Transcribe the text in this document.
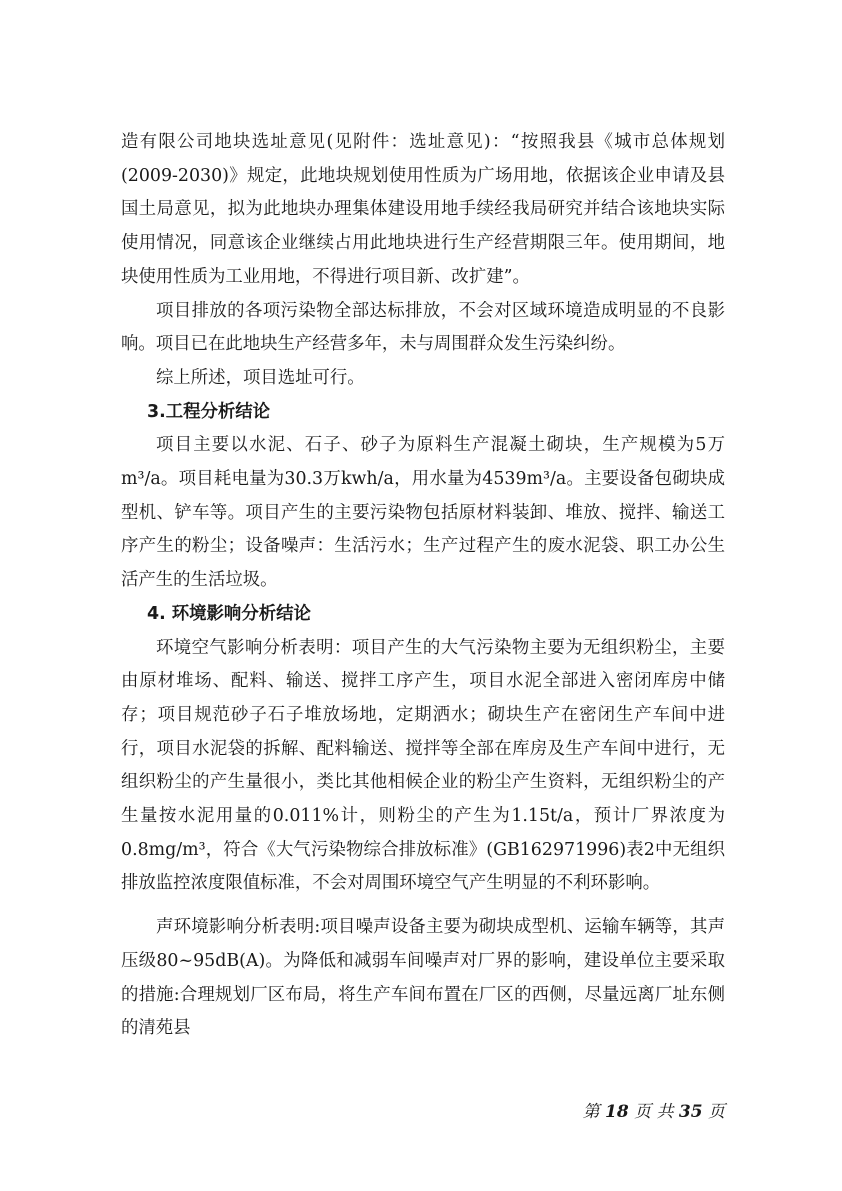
造有限公司地块选址意见(见附件：选址意见)：“按照我县《城市总体规划(2009-2030)》规定，此地块规划使用性质为广场用地，依据该企业申请及县国土局意见，拟为此地块办理集体建设用地手续经我局研究并结合该地块实际使用情况，同意该企业继续占用此地块进行生产经营期限三年。使用期间，地块使用性质为工业用地，不得进行项目新、改扩建”。

项目排放的各项污染物全部达标排放，不会对区域环境造成明显的不良影响。项目已在此地块生产经营多年，未与周围群众发生污染纠纷。

综上所述，项目选址可行。

3.工程分析结论

项目主要以水泥、石子、砂子为原料生产混凝土砌块，生产规模为5万m³/a。项目耗电量为30.3万kwh/a，用水量为4539m³/a。主要设备包砌块成型机、铲车等。项目产生的主要污染物包括原材料装卸、堆放、搅拌、输送工序产生的粉尘；设备噪声：生活污水；生产过程产生的废水泥袋、职工办公生活产生的生活垃圾。

4. 环境影响分析结论

环境空气影响分析表明：项目产生的大气污染物主要为无组织粉尘，主要由原材堆场、配料、输送、搅拌工序产生，项目水泥全部进入密闭库房中储存；项目规范砂子石子堆放场地，定期洒水；砌块生产在密闭生产车间中进行，项目水泥袋的拆解、配料输送、搅拌等全部在库房及生产车间中进行，无组织粉尘的产生量很小，类比其他相候企业的粉尘产生资料，无组织粉尘的产生量按水泥用量的0.011%计，则粉尘的产生为1.15t/a，预计厂界浓度为0.8mg/m³，符合《大气污染物综合排放标准》(GB162971996)表2中无组织排放监控浓度限值标准，不会对周围环境空气产生明显的不利环影响。

声环境影响分析表明:项目噪声设备主要为砌块成型机、运输车辆等，其声压级80~95dB(A)。为降低和减弱车间噪声对厂界的影响，建设单位主要采取的措施:合理规划厂区布局，将生产车间布置在厂区的西侧，尽量远离厂址东侧的清苑县

第 18 页 共 35 页
